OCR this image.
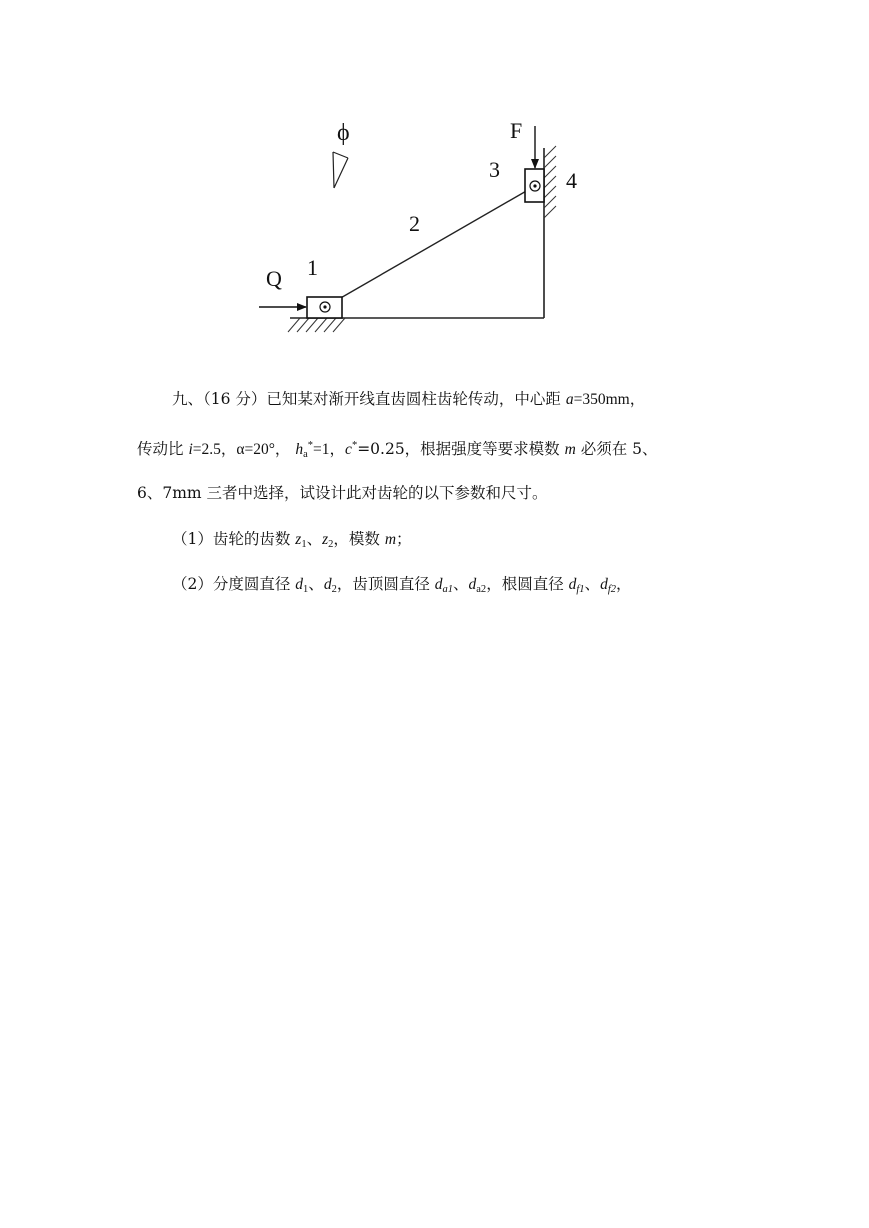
ϕ
Q 1
2
3	4
F
九、（16 分）已知某对渐开线直齿圆柱齿轮传动，中心距 a=350mm，
传动比 i=2.5，α=20°， $h_a^*=1$，c*=0.25，根据强度等要求模数 m 必须在 5、
6、7mm 三者中选择，试设计此对齿轮的以下参数和尺寸。
（1）齿轮的齿数 $z_1$、$z_2$，模数 m；
（2）分度圆直径 $d_1$、$d_2$，齿顶圆直径 $d_{a1}$、$d_{a2}$，根圆直径 $d_{f1}$、$d_{f2}$，
